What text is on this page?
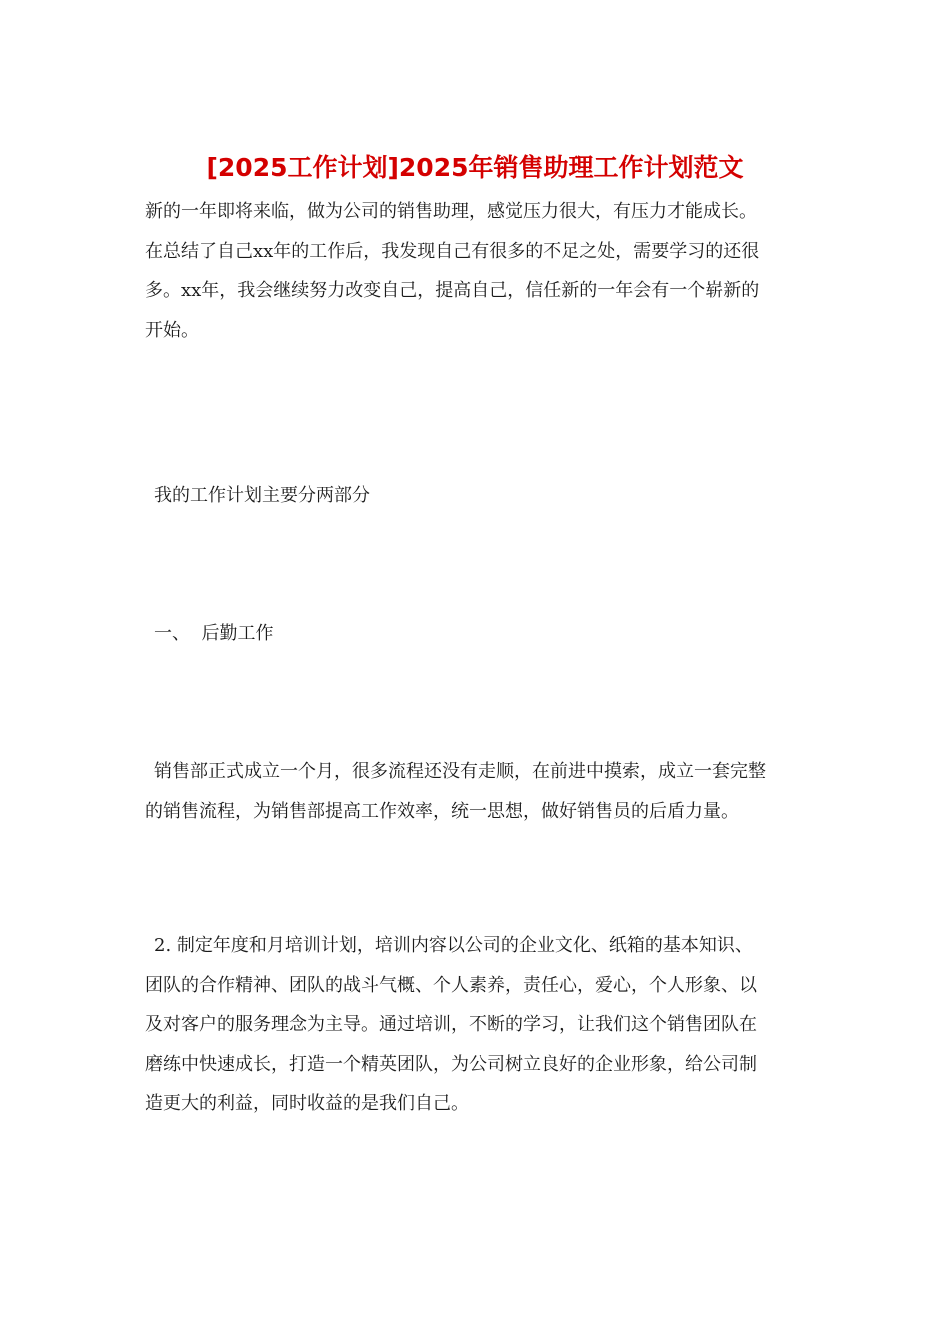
[2025工作计划]2025年销售助理工作计划范文
新的一年即将来临，做为公司的销售助理，感觉压力很大，有压力才能成长。
在总结了自己xx年的工作后，我发现自己有很多的不足之处，需要学习的还很
多。xx年，我会继续努力改变自己，提高自己，信任新的一年会有一个崭新的
开始。
我的工作计划主要分两部分
一、  后勤工作
销售部正式成立一个月，很多流程还没有走顺，在前进中摸索，成立一套完整
的销售流程，为销售部提高工作效率，统一思想，做好销售员的后盾力量。
2. 制定年度和月培训计划，培训内容以公司的企业文化、纸箱的基本知识、
团队的合作精神、团队的战斗气概、个人素养，责任心，爱心，个人形象、以
及对客户的服务理念为主导。通过培训，不断的学习，让我们这个销售团队在
磨练中快速成长，打造一个精英团队，为公司树立良好的企业形象，给公司制
造更大的利益，同时收益的是我们自己。
